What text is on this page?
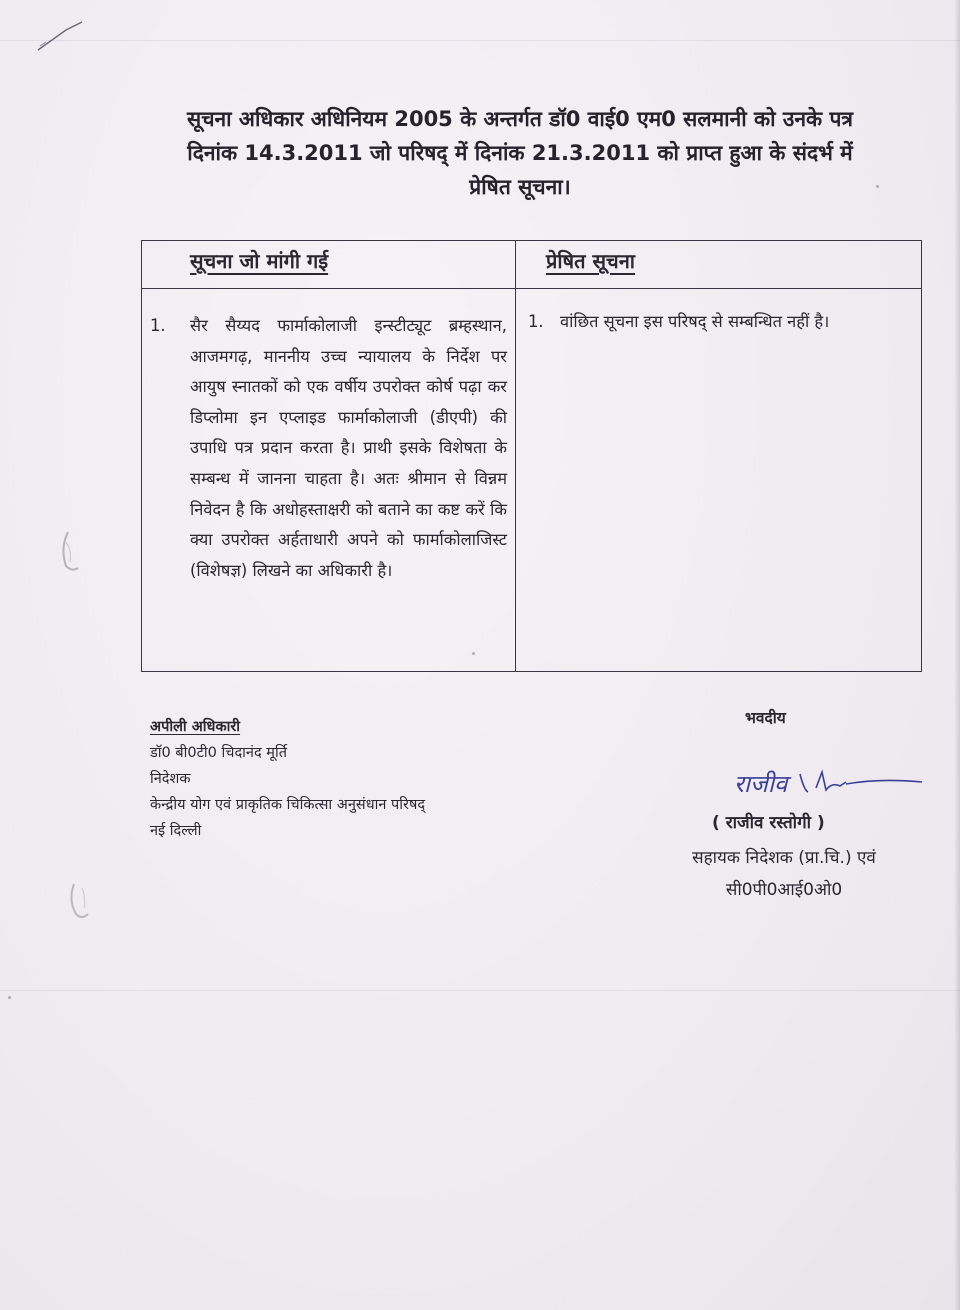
सूचना अधिकार अधिनियम 2005 के अन्तर्गत डॉ0 वाई0 एम0 सलमानी को उनके पत्र
दिनांक 14.3.2011 जो परिषद् में दिनांक 21.3.2011 को प्राप्त हुआ के संदर्भ में
प्रेषित सूचना।
सूचना जो मांगी गई	प्रेषित सूचना

1. सैर सैय्यद फार्माकोलाजी इन्स्टीट्यूट ब्रम्हस्थान, आजमगढ़, माननीय उच्च न्यायालय के निर्देश पर आयुष स्नातकों को एक वर्षीय उपरोक्त कोर्ष पढ़ा कर डिप्लोमा इन एप्लाइड फार्माकोलाजी (डीएपी) की उपाधि पत्र प्रदान करता है। प्राथी इसके विशेषता के सम्बन्ध में जानना चाहता है। अतः श्रीमान से विन्नम निवेदन है कि अधोहस्ताक्षरी को बताने का कष्ट करें कि क्या उपरोक्त अर्हताधारी अपने को फार्माकोलाजिस्ट (विशेषज्ञ) लिखने का अधिकारी है।	1. वांछित सूचना इस परिषद् से सम्बन्धित नहीं है।
अपीली अधिकारी
डॉ0 बी0टी0 चिदानंद मूर्ति
निदेशक
केन्द्रीय योग एवं प्राकृतिक चिकित्सा अनुसंधान परिषद्
नई दिल्ली
भवदीय
राजीव
( राजीव रस्तोगी )
सहायक निदेशक (प्रा.चि.) एवं
सी0पी0आई0ओ0
